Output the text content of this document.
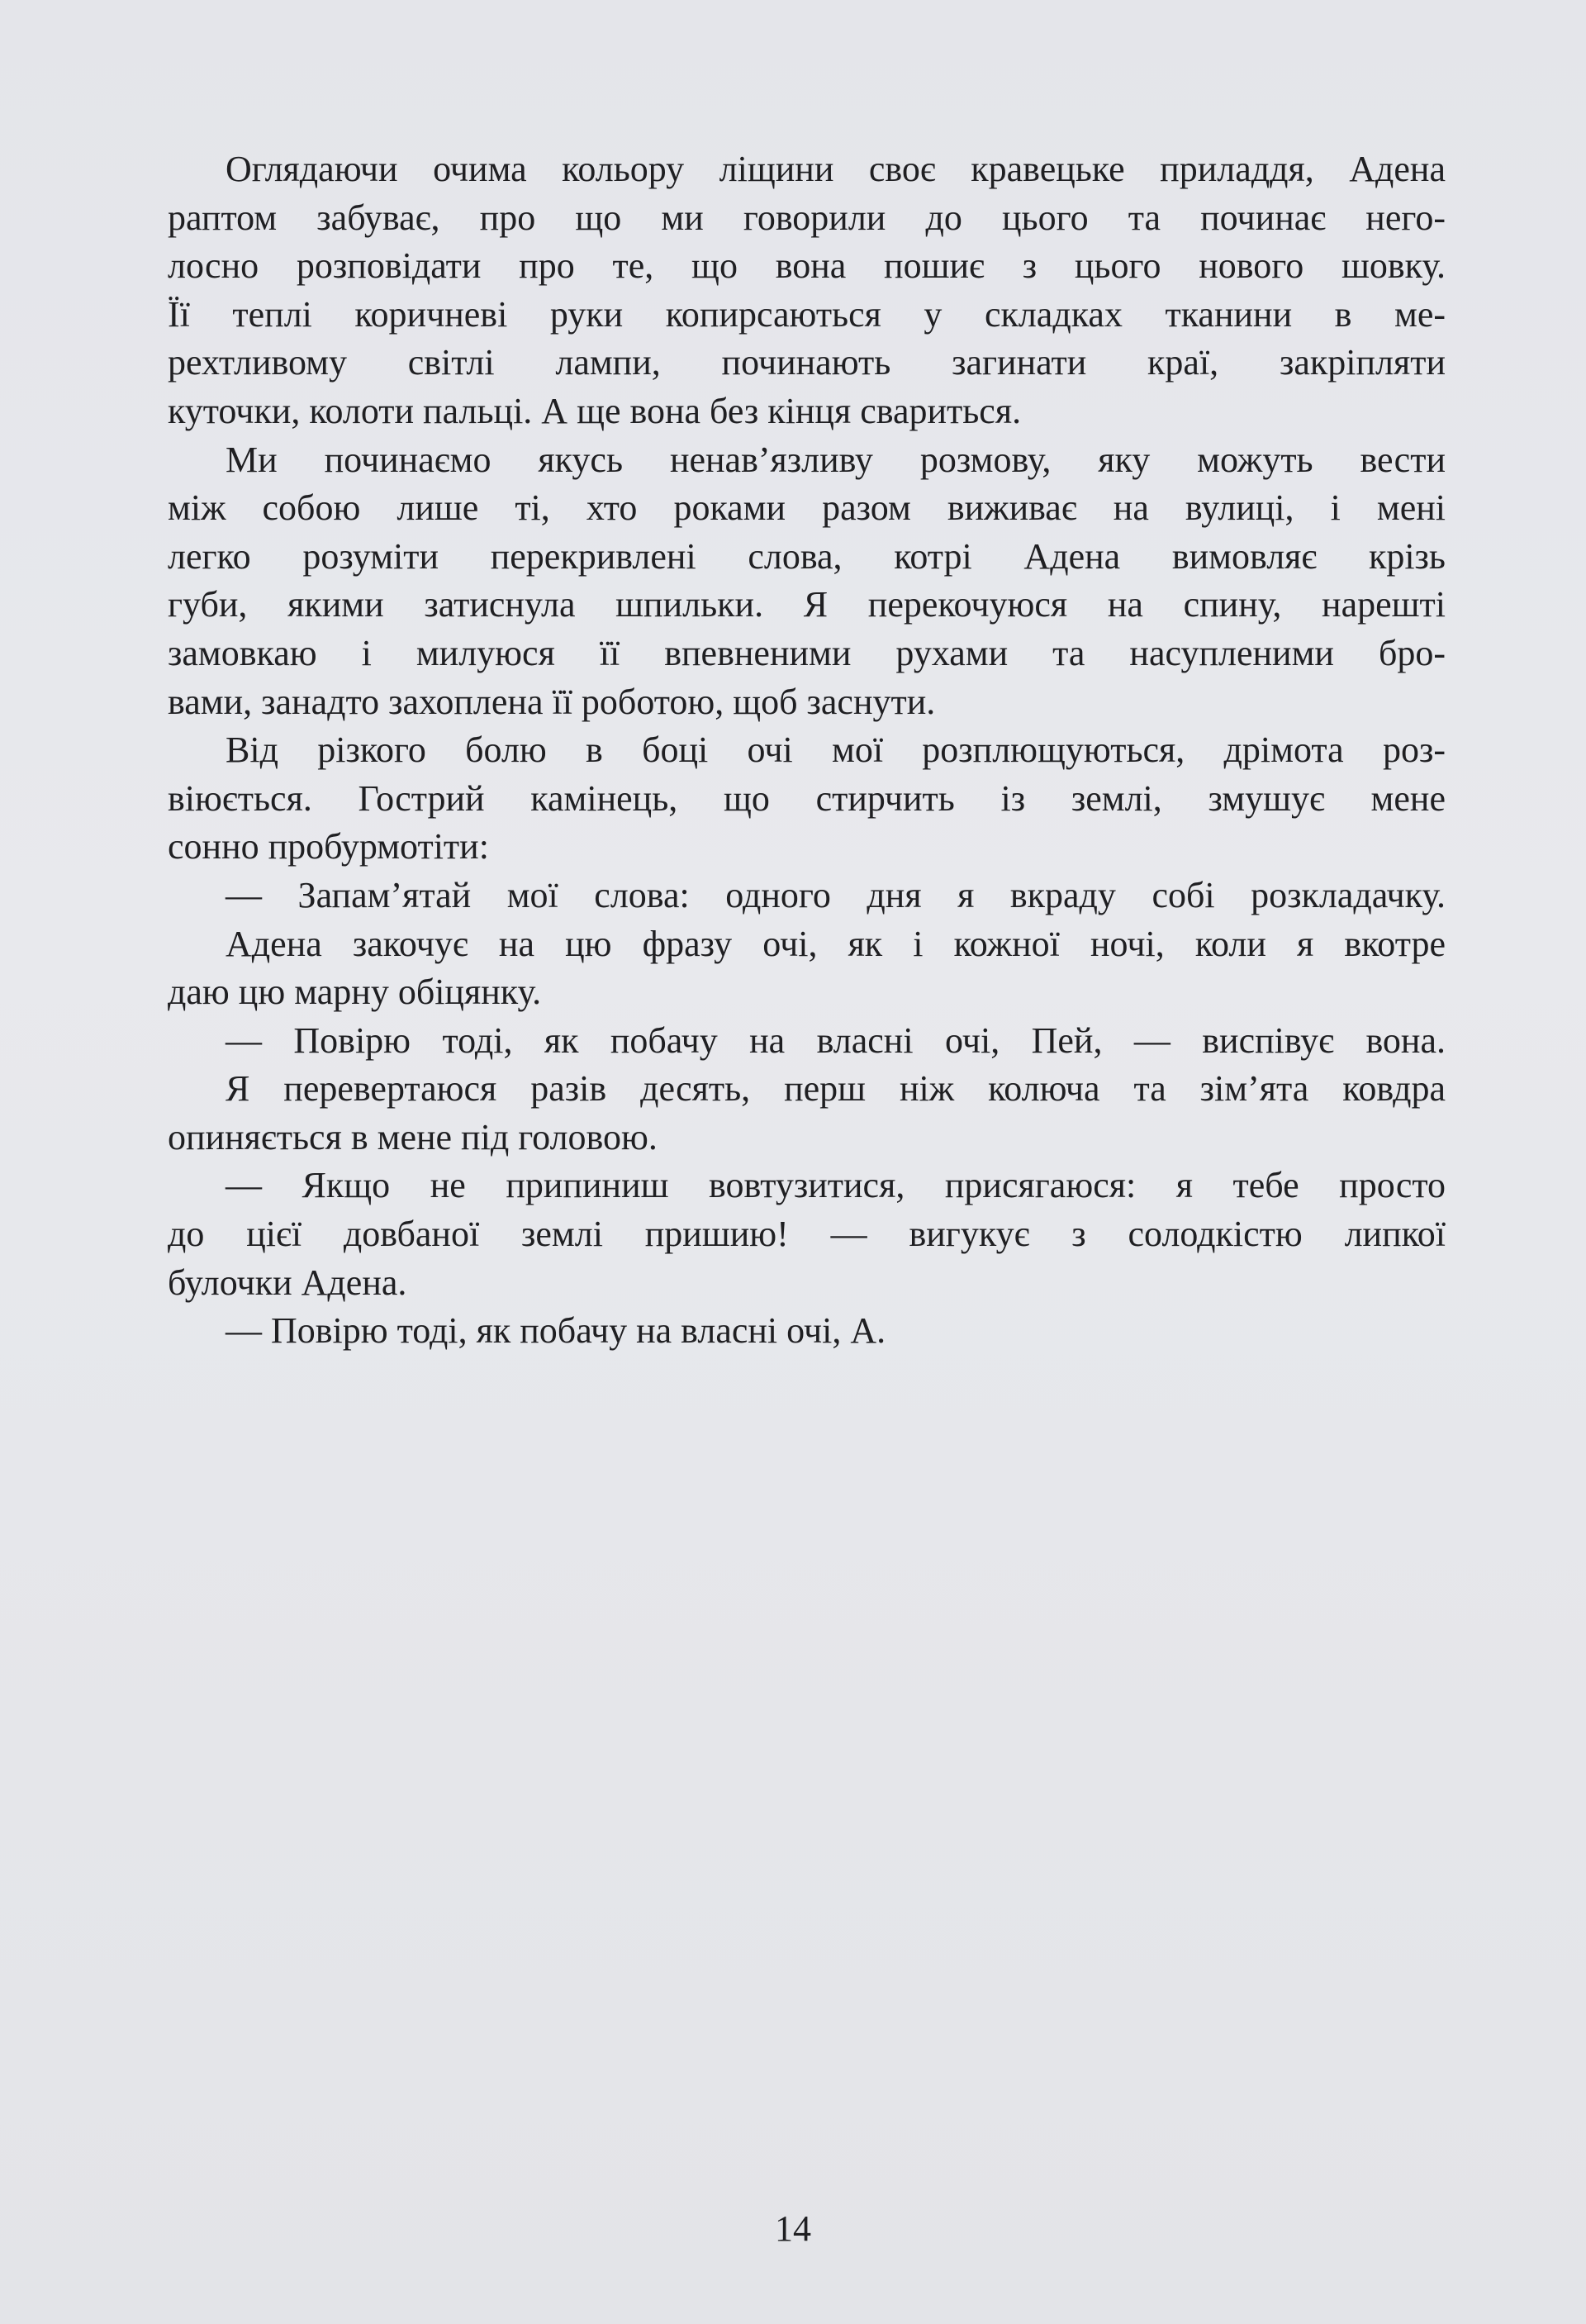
Оглядаючи очима кольору ліщини своє кравецьке приладдя, Адена
раптом забуває, про що ми говорили до цього та починає него-
лосно розповідати про те, що вона пошиє з цього нового шовку.
Її теплі коричневі руки копирсаються у складках тканини в ме-
рехтливому світлі лампи, починають загинати краї, закріпляти
куточки, колоти пальці. А ще вона без кінця свариться.
Ми починаємо якусь ненав’язливу розмову, яку можуть вести
між собою лише ті, хто роками разом виживає на вулиці, і мені
легко розуміти перекривлені слова, котрі Адена вимовляє крізь
губи, якими затиснула шпильки. Я перекочуюся на спину, нарешті
замовкаю і милуюся її впевненими рухами та насупленими бро-
вами, занадто захоплена її роботою, щоб заснути.
Від різкого болю в боці очі мої розплющуються, дрімота роз-
віюється. Гострий камінець, що стирчить із землі, змушує мене
сонно пробурмотіти:
— Запам’ятай мої слова: одного дня я вкраду собі розкладачку.
Адена закочує на цю фразу очі, як і кожної ночі, коли я вкотре
даю цю марну обіцянку.
— Повірю тоді, як побачу на власні очі, Пей, — виспівує вона.
Я перевертаюся разів десять, перш ніж колюча та зім’ята ковдра
опиняється в мене під головою.
— Якщо не припиниш вовтузитися, присягаюся: я тебе просто
до цієї довбаної землі пришию! — вигукує з солодкістю липкої
булочки Адена.
— Повірю тоді, як побачу на власні очі, А.
14
